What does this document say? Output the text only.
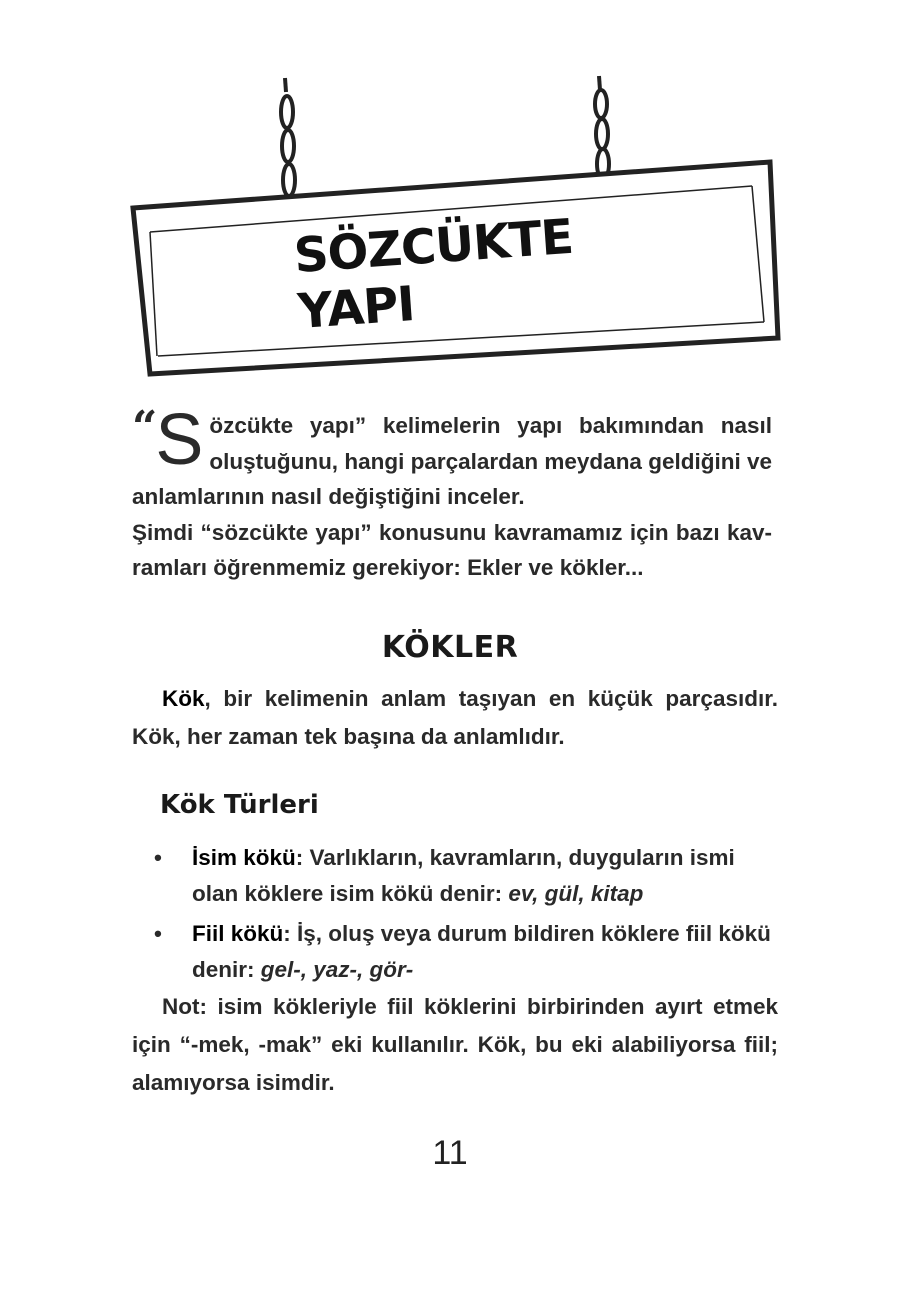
SÖZCÜKTE YAPI

“S özcükte yapı” kelimelerin yapı bakımından nasıl oluştuğunu, hangi parçalardan meydana geldiğini ve anlamlarının nasıl değiştiğini inceler.

Şimdi “sözcükte yapı” konusunu kavramamız için bazı kavramları öğrenmemiz gerekiyor: Ekler ve kökler...

KÖKLER

Kök, bir kelimenin anlam taşıyan en küçük parçasıdır. Kök, her zaman tek başına da anlamlıdır.

Kök Türleri
• İsim kökü: Varlıkların, kavramların, duyguların ismi olan köklere isim kökü denir: ev, gül, kitap
• Fiil kökü: İş, oluş veya durum bildiren köklere fiil kökü denir: gel-, yaz-, gör-

Not: isim kökleriyle fiil köklerini birbirinden ayırt etmek için “-mek, -mak” eki kullanılır. Kök, bu eki alabiliyorsa fiil; alamıyorsa isimdir.

11
